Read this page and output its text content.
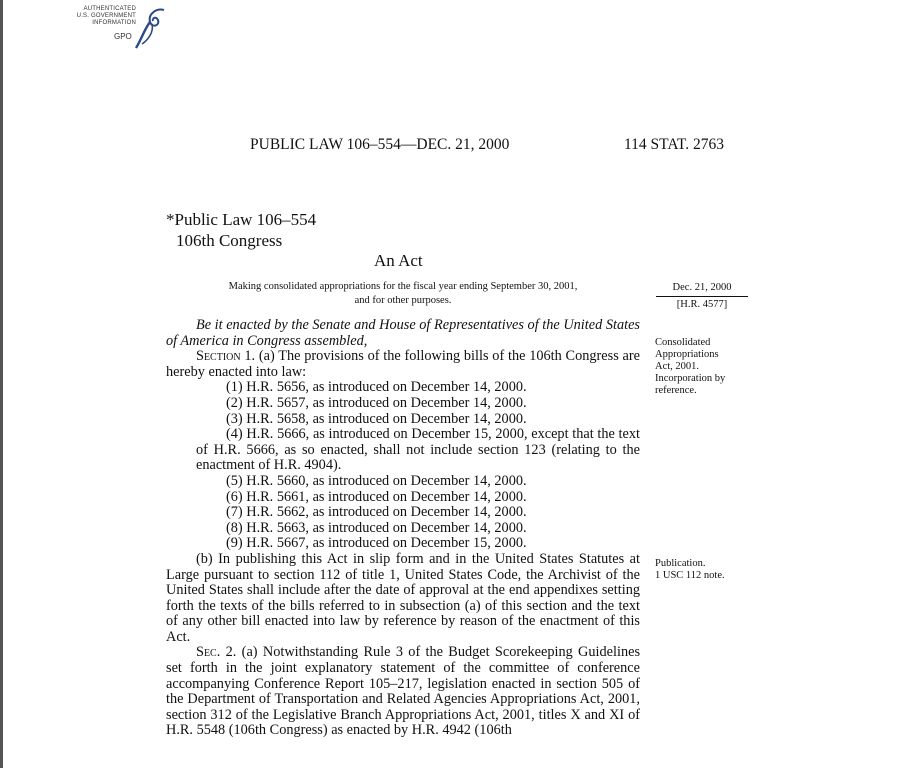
AUTHENTICATED
U.S. GOVERNMENT
INFORMATION
GPO
PUBLIC LAW 106–554—DEC. 21, 2000	114 STAT. 2763
*Public Law 106–554
106th Congress
An Act
Making consolidated appropriations for the fiscal year ending September 30, 2001,
and for other purposes.
Dec. 21, 2000
[H.R. 4577]

Be it enacted by the Senate and House of Representatives of the United States of America in Congress assembled,

Section 1. (a) The provisions of the following bills of the 106th Congress are hereby enacted into law:

(1) H.R. 5656, as introduced on December 14, 2000.

(2) H.R. 5657, as introduced on December 14, 2000.

(3) H.R. 5658, as introduced on December 14, 2000.

(4) H.R. 5666, as introduced on December 15, 2000, except that the text of H.R. 5666, as so enacted, shall not include section 123 (relating to the enactment of H.R. 4904).

(5) H.R. 5660, as introduced on December 14, 2000.

(6) H.R. 5661, as introduced on December 14, 2000.

(7) H.R. 5662, as introduced on December 14, 2000.

(8) H.R. 5663, as introduced on December 14, 2000.

(9) H.R. 5667, as introduced on December 15, 2000.

(b) In publishing this Act in slip form and in the United States Statutes at Large pursuant to section 112 of title 1, United States Code, the Archivist of the United States shall include after the date of approval at the end appendixes setting forth the texts of the bills referred to in subsection (a) of this section and the text of any other bill enacted into law by reference by reason of the enactment of this Act.

Sec. 2. (a) Notwithstanding Rule 3 of the Budget Scorekeeping Guidelines set forth in the joint explanatory statement of the committee of conference accompanying Conference Report 105–217, legislation enacted in section 505 of the Department of Transportation and Related Agencies Appropriations Act, 2001, section 312 of the Legislative Branch Appropriations Act, 2001, titles X and XI of H.R. 5548 (106th Congress) as enacted by H.R. 4942 (106th

Consolidated
Appropriations
Act, 2001.
Incorporation by
reference.
Publication.
1 USC 112 note.
